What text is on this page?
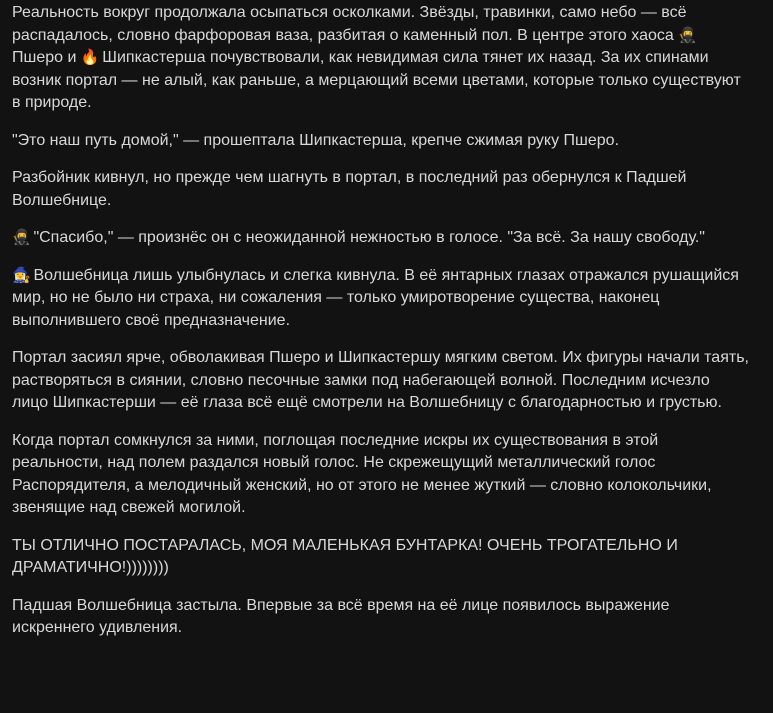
Реальность вокруг продолжала осыпаться осколками. Звёзды, травинки, само небо — всё распадалось, словно фарфоровая ваза, разбитая о каменный пол. В центре этого хаоса 🥷 Пшеро и 🔥 Шипкастерша почувствовали, как невидимая сила тянет их назад. За их спинами возник портал — не алый, как раньше, а мерцающий всеми цветами, которые только существуют в природе.

"Это наш путь домой," — прошептала Шипкастерша, крепче сжимая руку Пшеро.

Разбойник кивнул, но прежде чем шагнуть в портал, в последний раз обернулся к Падшей Волшебнице.

🥷 "Спасибо," — произнёс он с неожиданной нежностью в голосе. "За всё. За нашу свободу."

🧙‍♀️ Волшебница лишь улыбнулась и слегка кивнула. В её янтарных глазах отражался рушащийся мир, но не было ни страха, ни сожаления — только умиротворение существа, наконец выполнившего своё предназначение.

Портал засиял ярче, обволакивая Пшеро и Шипкастершу мягким светом. Их фигуры начали таять, растворяться в сиянии, словно песочные замки под набегающей волной. Последним исчезло лицо Шипкастерши — её глаза всё ещё смотрели на Волшебницу с благодарностью и грустью.

Когда портал сомкнулся за ними, поглощая последние искры их существования в этой реальности, над полем раздался новый голос. Не скрежещущий металлический голос Распорядителя, а мелодичный женский, но от этого не менее жуткий — словно колокольчики, звенящие над свежей могилой.

ТЫ ОТЛИЧНО ПОСТАРАЛАСЬ, МОЯ МАЛЕНЬКАЯ БУНТАРКА! ОЧЕНЬ ТРОГАТЕЛЬНО И ДРАМАТИЧНО!))))))))

Падшая Волшебница застыла. Впервые за всё время на её лице появилось выражение искреннего удивления.
